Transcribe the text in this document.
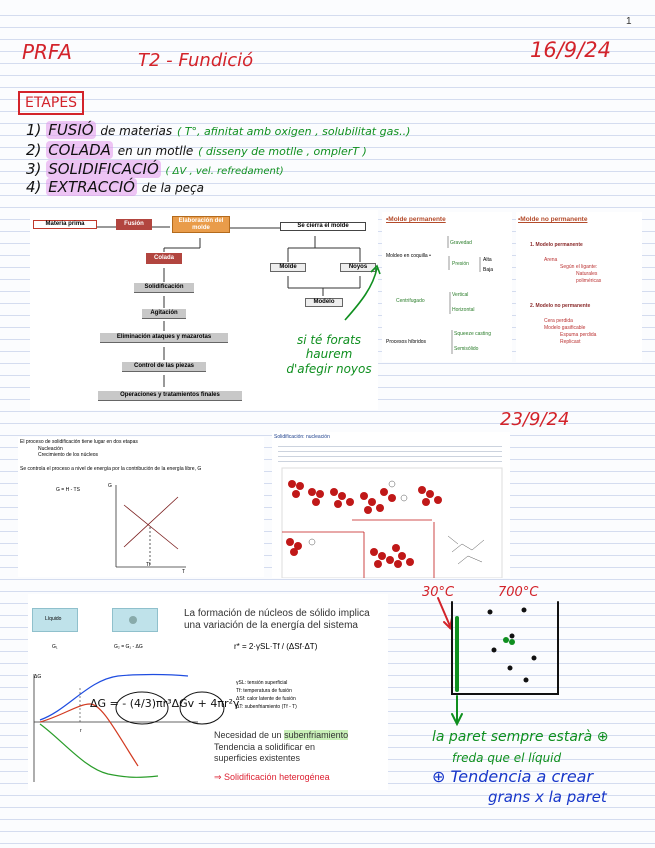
1
PRFA	T2 - Fundició	16/9/24
ETAPES
1) FUSIÓ de materias ( T°, afinitat amb oxigen , solubilitat gas..)
2) COLADA en un motlle ( disseny de motlle , omplerT )
3) SOLIDIFICACIÓ ( ΔV , vel. refredament)
4) EXTRACCIÓ de la peça
Materia prima	Fusión	Elaboración del molde
Colada
Solidificación
Agitación
Eliminación ataques y mazarotas
Control de las piezas
Operaciones y tratamientos finales
Se cierra el molde
Molde	Noyos
Modelo
si té forats haurem d'afegir noyos
•Molde permanente
Gravedad
Moldeo en coquilla •
Presión
Alta
Baja
Centrifugado
Vertical
Horizontal
Procesos híbridos
Squeeze casting
Semisólido
•Molde no permanente
1. Modelo permanente
Arena
Según el ligante:
Naturales
poliméricas
2. Modelo no permanente
Cera perdida
Modelo gasificable
Espuma perdida
Replicast
23/9/24
El proceso de solidificación tiene lugar en dos etapas
Nucleación
Crecimiento de los núcleos
Se controla el proceso a nivel de energía por la contribución de la energía libre, G
G = H - TS
G
T
Tf
Solidificación: nucleación
Líquido
G₁	G₂ = G₁ - ΔG
La formación de núcleos de sólido implica
una variación de la energía del sistema
r* = 2·γSL·Tf / (ΔSf·ΔT)
γSL: tensión superficial
Tf: temperatura de fusión
ΔSf: calor latente de fusión
ΔT: subenfriamiento (Tf - T)
ΔG
r
ΔG = - (4/3)πr³ΔGv + 4πr²γ
Necesidad de un subenfriamiento
Tendencia a solidificar en
superficies existentes
⇒ Solidificación heterogénea
30°C	700°C
la paret sempre estarà ⊕
freda que el líquid
⊕ Tendencia a crear
grans x la paret
